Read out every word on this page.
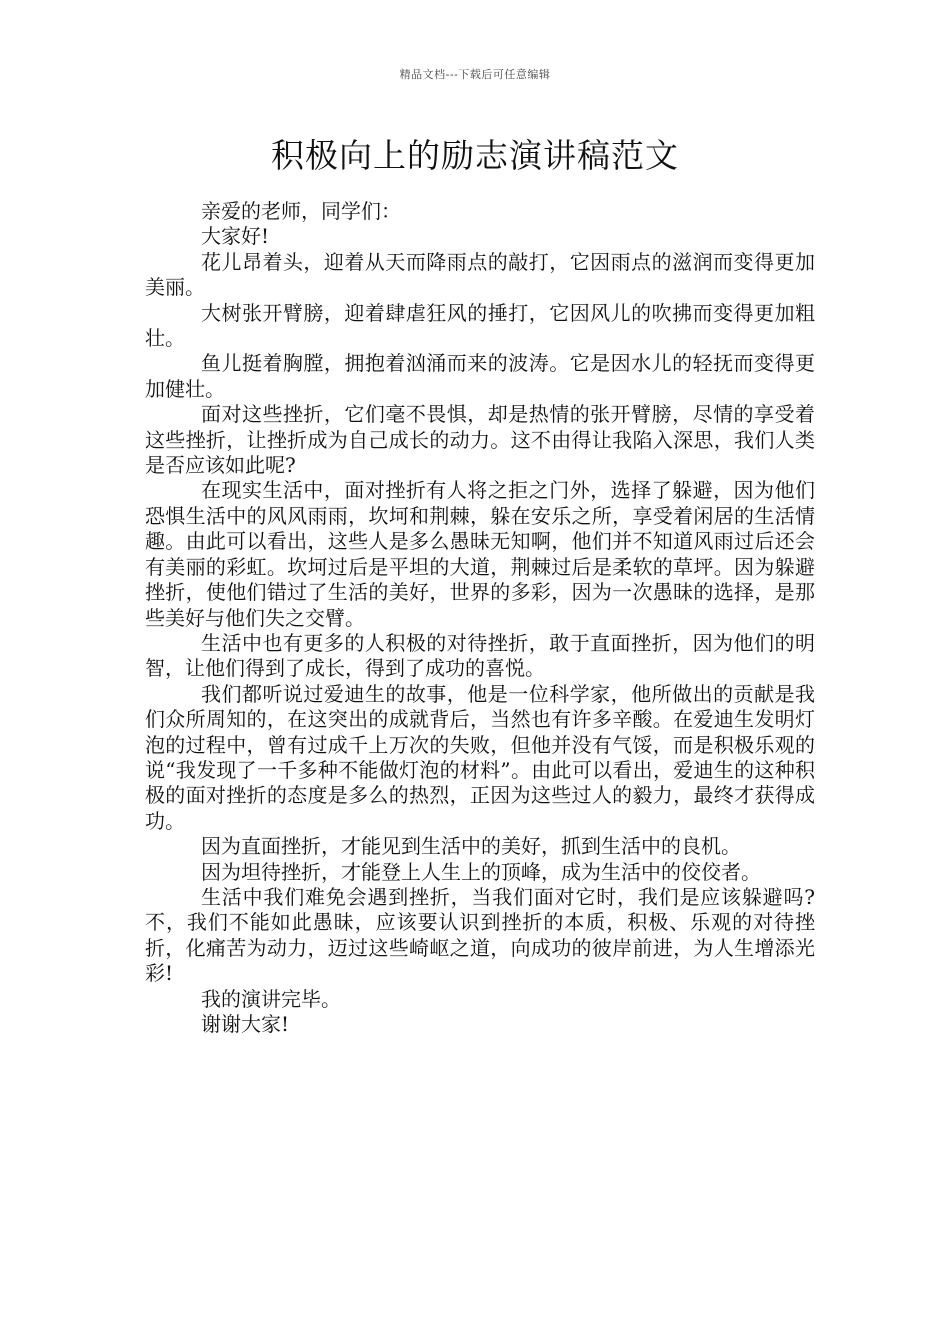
精品文档---下载后可任意编辑
积极向上的励志演讲稿范文

亲爱的老师，同学们：

大家好!

花儿昂着头，迎着从天而降雨点的敲打，它因雨点的滋润而变得更加美丽。

大树张开臂膀，迎着肆虐狂风的捶打，它因风儿的吹拂而变得更加粗壮。

鱼儿挺着胸膛，拥抱着汹涌而来的波涛。它是因水儿的轻抚而变得更加健壮。

面对这些挫折，它们毫不畏惧，却是热情的张开臂膀，尽情的享受着这些挫折，让挫折成为自己成长的动力。这不由得让我陷入深思，我们人类是否应该如此呢?

在现实生活中，面对挫折有人将之拒之门外，选择了躲避，因为他们恐惧生活中的风风雨雨，坎坷和荆棘，躲在安乐之所，享受着闲居的生活情趣。由此可以看出，这些人是多么愚昧无知啊，他们并不知道风雨过后还会有美丽的彩虹。坎坷过后是平坦的大道，荆棘过后是柔软的草坪。因为躲避挫折，使他们错过了生活的美好，世界的多彩，因为一次愚昧的选择，是那些美好与他们失之交臂。

生活中也有更多的人积极的对待挫折，敢于直面挫折，因为他们的明智，让他们得到了成长，得到了成功的喜悦。

我们都听说过爱迪生的故事，他是一位科学家，他所做出的贡献是我们众所周知的，在这突出的成就背后，当然也有许多辛酸。在爱迪生发明灯泡的过程中，曾有过成千上万次的失败，但他并没有气馁，而是积极乐观的说“我发现了一千多种不能做灯泡的材料”。由此可以看出，爱迪生的这种积极的面对挫折的态度是多么的热烈，正因为这些过人的毅力，最终才获得成功。

因为直面挫折，才能见到生活中的美好，抓到生活中的良机。

因为坦待挫折，才能登上人生上的顶峰，成为生活中的佼佼者。

生活中我们难免会遇到挫折，当我们面对它时，我们是应该躲避吗?不，我们不能如此愚昧，应该要认识到挫折的本质，积极、乐观的对待挫折，化痛苦为动力，迈过这些崎岖之道，向成功的彼岸前进，为人生增添光彩!

我的演讲完毕。

谢谢大家!
